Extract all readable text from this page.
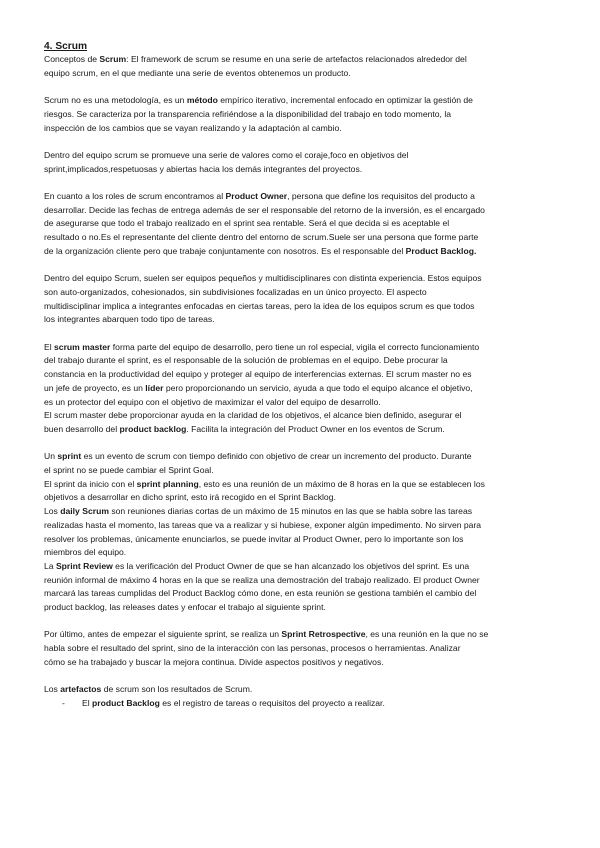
4. Scrum

Conceptos de Scrum: El framework de scrum se resume en una serie de artefactos relacionados alrededor del
equipo scrum, en el que mediante una serie de eventos obtenemos un producto.

Scrum no es una metodología, es un método empírico iterativo, incremental enfocado en optimizar la gestión de
riesgos. Se caracteriza por la transparencia refiriéndose a la disponibilidad del trabajo en todo momento, la
inspección de los cambios que se vayan realizando y la adaptación al cambio.

Dentro del equipo scrum se promueve una serie de valores como el coraje,foco en objetivos del
sprint,implicados,respetuosas y abiertas hacia los demás integrantes del proyectos.

En cuanto a los roles de scrum encontramos al Product Owner, persona que define los requisitos del producto a
desarrollar. Decide las fechas de entrega además de ser el responsable del retorno de la inversión, es el encargado
de asegurarse que todo el trabajo realizado en el sprint sea rentable. Será el que decida si es aceptable el
resultado o no.Es el representante del cliente dentro del entorno de scrum.Suele ser una persona que forme parte
de la organización cliente pero que trabaje conjuntamente con nosotros. Es el responsable del Product Backlog.

Dentro del equipo Scrum, suelen ser equipos pequeños y multidisciplinares con distinta experiencia. Estos equipos
son auto-organizados, cohesionados, sin subdivisiones focalizadas en un único proyecto. El aspecto
multidisciplinar implica a integrantes enfocadas en ciertas tareas, pero la idea de los equipos scrum es que todos
los integrantes abarquen todo tipo de tareas.

El scrum master forma parte del equipo de desarrollo, pero tiene un rol especial, vigila el correcto funcionamiento
del trabajo durante el sprint, es el responsable de la solución de problemas en el equipo. Debe procurar la
constancia en la productividad del equipo y proteger al equipo de interferencias externas. El scrum master no es
un jefe de proyecto, es un líder pero proporcionando un servicio, ayuda a que todo el equipo alcance el objetivo,
es un protector del equipo con el objetivo de maximizar el valor del equipo de desarrollo.
El scrum master debe proporcionar ayuda en la claridad de los objetivos, el alcance bien definido, asegurar el
buen desarrollo del product backlog. Facilita la integración del Product Owner en los eventos de Scrum.

Un sprint es un evento de scrum con tiempo definido con objetivo de crear un incremento del producto. Durante
el sprint no se puede cambiar el Sprint Goal.
El sprint da inicio con el sprint planning, esto es una reunión de un máximo de 8 horas en la que se establecen los
objetivos a desarrollar en dicho sprint, esto irá recogido en el Sprint Backlog.
Los daily Scrum son reuniones diarias cortas de un máximo de 15 minutos en las que se habla sobre las tareas
realizadas hasta el momento, las tareas que va a realizar y si hubiese, exponer algún impedimento. No sirven para
resolver los problemas, únicamente enunciarlos, se puede invitar al Product Owner, pero lo importante son los
miembros del equipo.
La Sprint Review es la verificación del Product Owner de que se han alcanzado los objetivos del sprint. Es una
reunión informal de máximo 4 horas en la que se realiza una demostración del trabajo realizado. El product Owner
marcará las tareas cumplidas del Product Backlog cómo done, en esta reunión se gestiona también el cambio del
product backlog, las releases dates y enfocar el trabajo al siguiente sprint.

Por último, antes de empezar el siguiente sprint, se realiza un Sprint Retrospective, es una reunión en la que no se
habla sobre el resultado del sprint, sino de la interacción con las personas, procesos o herramientas. Analizar
cómo se ha trabajado y buscar la mejora continua. Divide aspectos positivos y negativos.

Los artefactos de scrum son los resultados de Scrum.

- El product Backlog es el registro de tareas o requisitos del proyecto a realizar.
